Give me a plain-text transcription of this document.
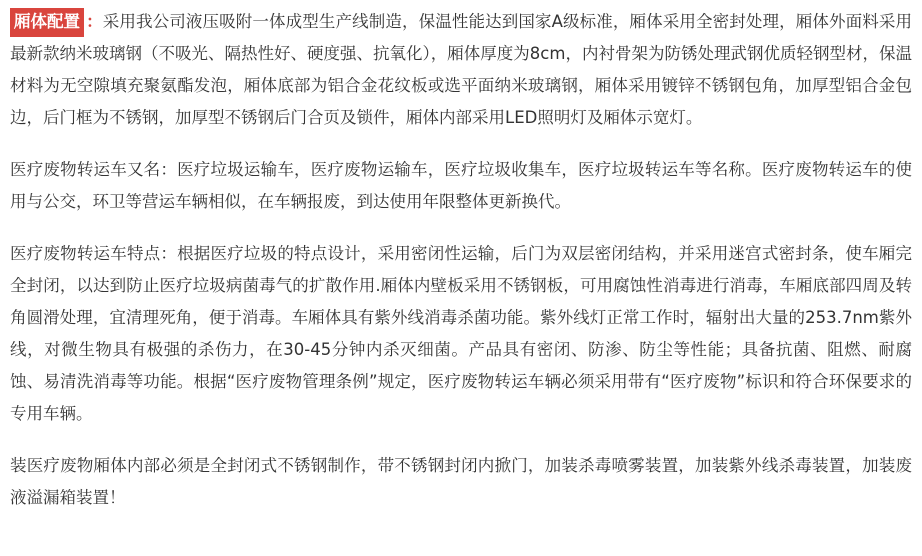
厢体配置 ：采用我公司液压吸附一体成型生产线制造，保温性能达到国家A级标准，厢体采用全密封处理，厢体外面料采用最新款纳米玻璃钢（不吸光、隔热性好、硬度强、抗氧化），厢体厚度为8cm，内衬骨架为防锈处理武钢优质轻钢型材，保温材料为无空隙填充聚氨酯发泡，厢体底部为铝合金花纹板或选平面纳米玻璃钢，厢体采用镀锌不锈钢包角，加厚型铝合金包边，后门框为不锈钢，加厚型不锈钢后门合页及锁件，厢体内部采用LED照明灯及厢体示宽灯。

医疗废物转运车又名：医疗垃圾运输车，医疗废物运输车，医疗垃圾收集车，医疗垃圾转运车等名称。医疗废物转运车的使用与公交，环卫等营运车辆相似，在车辆报废，到达使用年限整体更新换代。

医疗废物转运车特点：根据医疗垃圾的特点设计，采用密闭性运输，后门为双层密闭结构，并采用迷宫式密封条，使车厢完全封闭，以达到防止医疗垃圾病菌毒气的扩散作用.厢体内壁板采用不锈钢板，可用腐蚀性消毒进行消毒，车厢底部四周及转角圆滑处理，宜清理死角，便于消毒。车厢体具有紫外线消毒杀菌功能。紫外线灯正常工作时，辐射出大量的253.7nm紫外线，对微生物具有极强的杀伤力，在30-45分钟内杀灭细菌。产品具有密闭、防渗、防尘等性能；具备抗菌、阻燃、耐腐蚀、易清洗消毒等功能。根据“医疗废物管理条例”规定，医疗废物转运车辆必须采用带有“医疗废物”标识和符合环保要求的专用车辆。

装医疗废物厢体内部必须是全封闭式不锈钢制作，带不锈钢封闭内掀门，加装杀毒喷雾装置，加装紫外线杀毒装置，加装废液溢漏箱装置！
